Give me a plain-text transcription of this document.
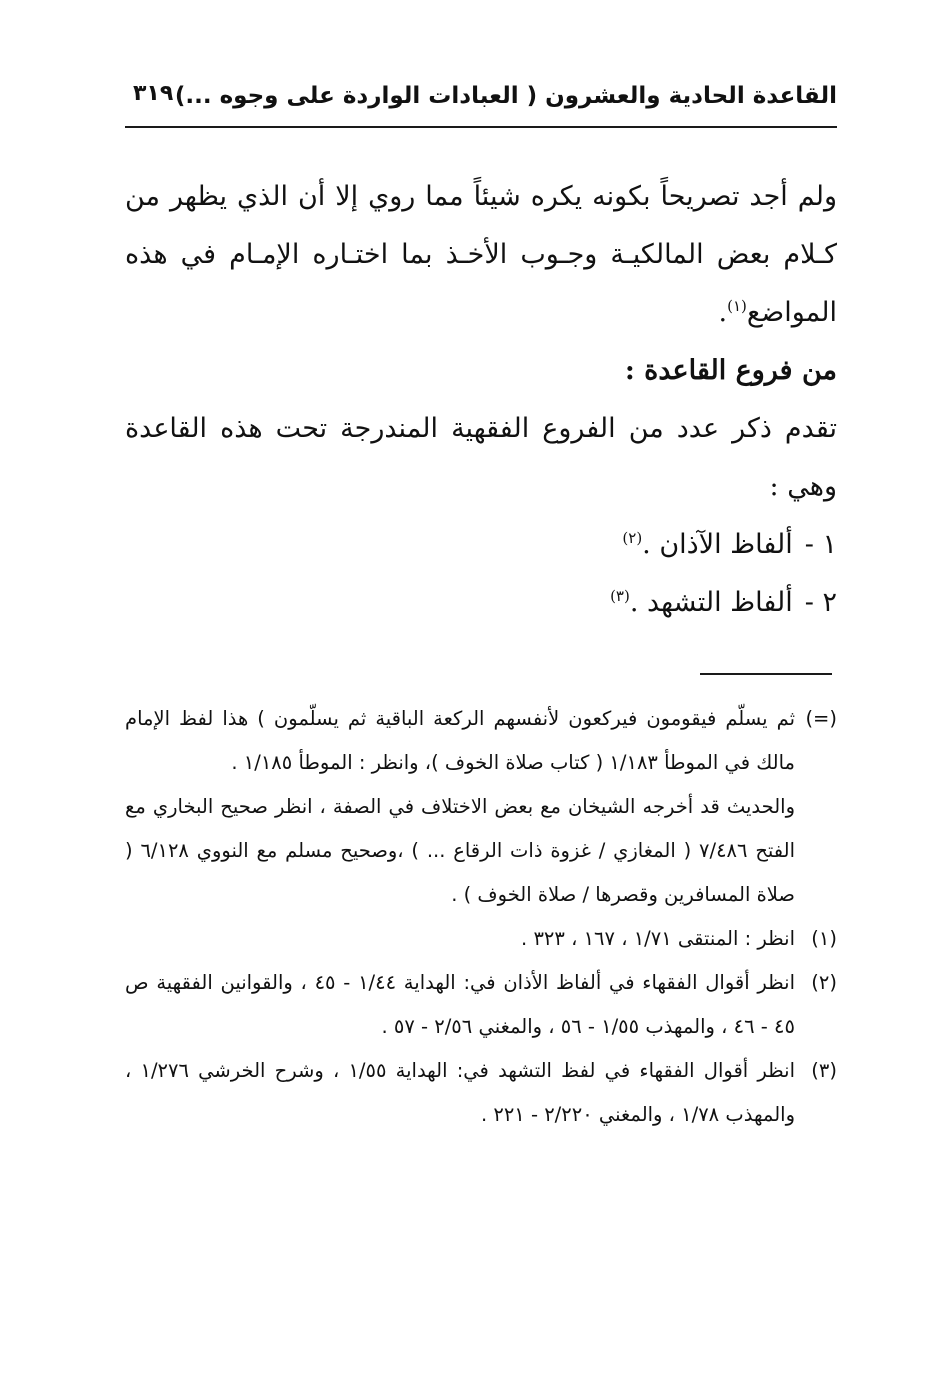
القاعدة الحادية والعشرون ( العبادات الواردة على وجوه ...)
٣١٩

ولم أجد تصريحاً بكونه يكره شيئاً مما روي إلا أن الذي يظهر من كـلام بعض المالكيـة وجـوب الأخـذ بما اختـاره الإمـام في هذه المواضع$^{(١)}$.

من فروع القاعدة :

تقدم ذكر عدد من الفروع الفقهية المندرجة تحت هذه القاعدة وهي :

١ -ألفاظ الآذان .$^{(٢)}$
٢ -ألفاظ التشهد .$^{(٣)}$

(=)ثم يسلّم فيقومون فيركعون لأنفسهم الركعة الباقية ثم يسلّمون ) هذا لفظ الإمام مالك في الموطأ ١/١٨٣ ( كتاب صلاة الخوف )، وانظر : الموطأ ١/١٨٥ .

والحديث قد أخرجه الشيخان مع بعض الاختلاف في الصفة ، انظر صحيح البخاري مع الفتح ٧/٤٨٦ ( المغازي / غزوة ذات الرقاع ... ) ،وصحيح مسلم مع النووي ٦/١٢٨ ( صلاة المسافرين وقصرها / صلاة الخوف ) .

(١)انظر : المنتقى ١/٧١ ، ١٦٧ ، ٣٢٣ .

(٢)انظر أقوال الفقهاء في ألفاظ الأذان في: الهداية ١/٤٤ - ٤٥ ، والقوانين الفقهية ص ٤٥ - ٤٦ ، والمهذب ١/٥٥ - ٥٦ ، والمغني ٢/٥٦ - ٥٧ .

(٣)انظر أقوال الفقهاء في لفظ التشهد في: الهداية ١/٥٥ ، وشرح الخرشي ١/٢٧٦ ، والمهذب ١/٧٨ ، والمغني ٢/٢٢٠ - ٢٢١ .
